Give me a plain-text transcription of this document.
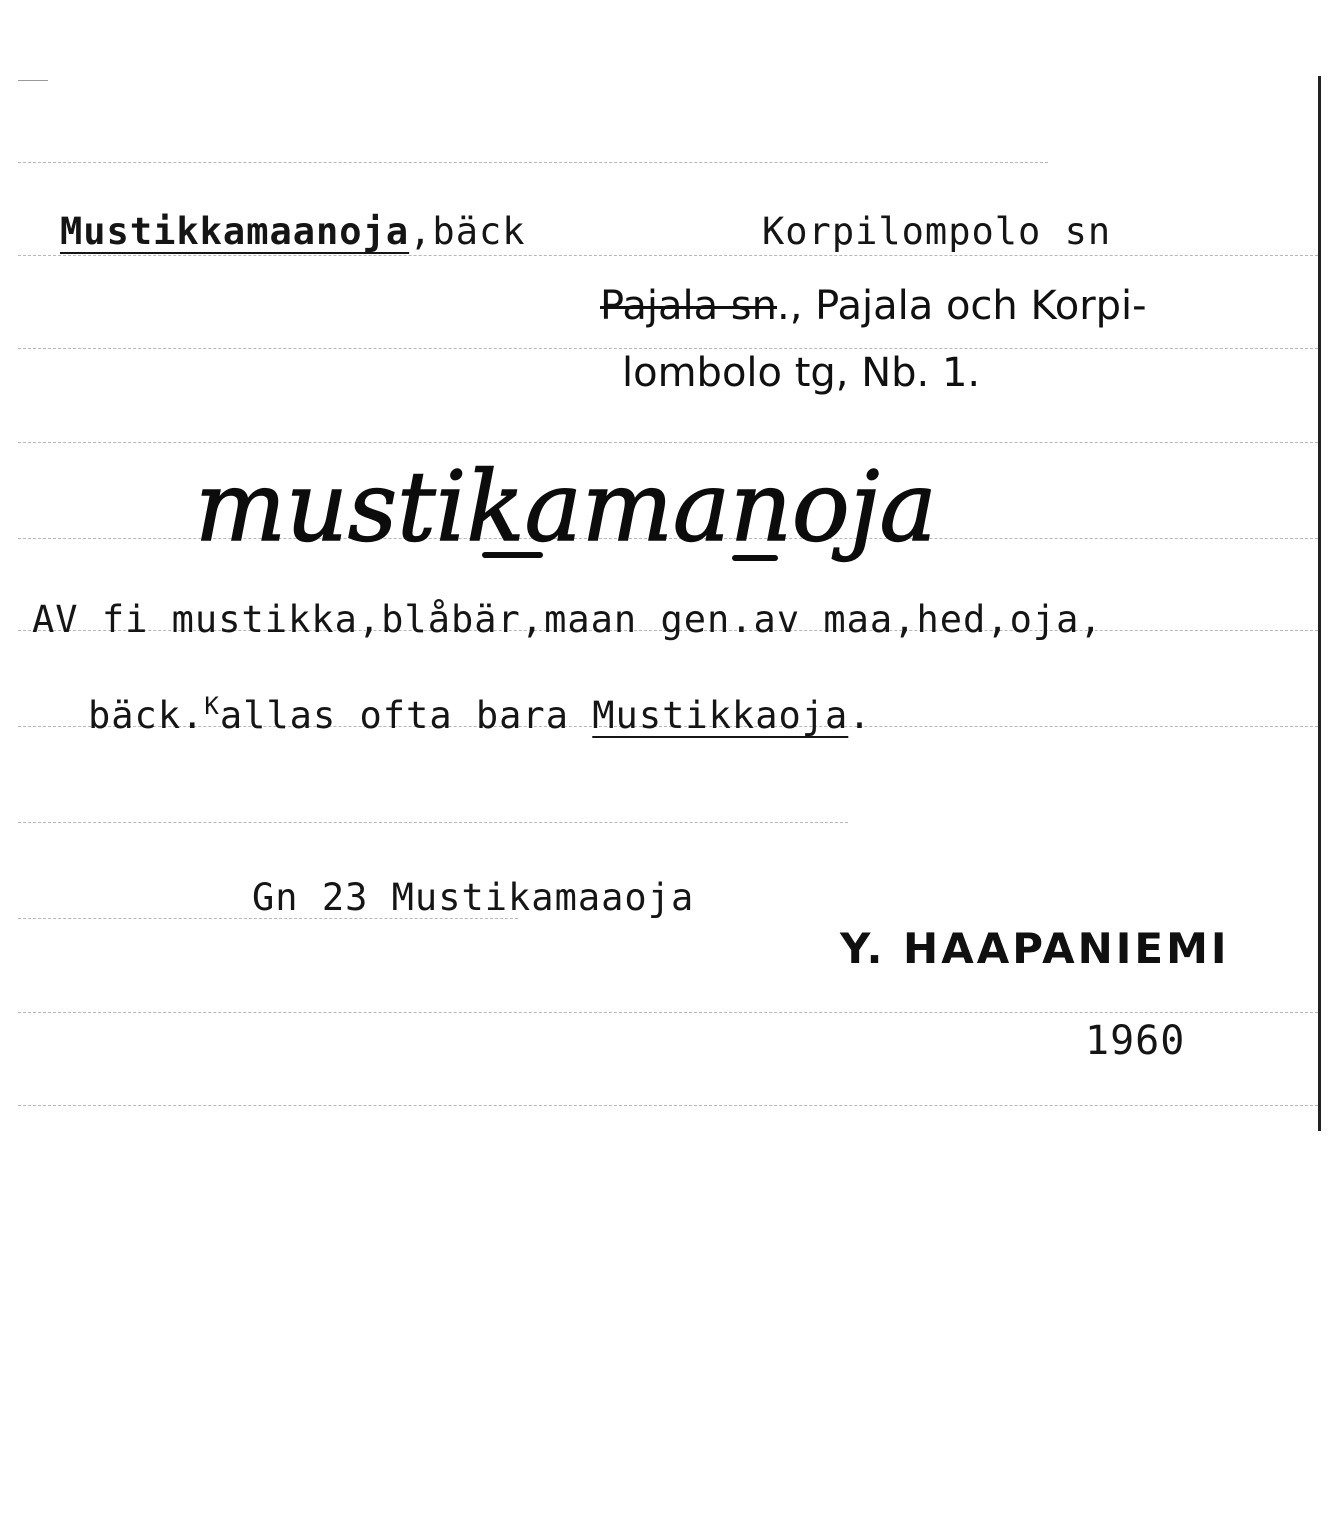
Mustikkamaanoja,bäck	Korpilompolo sn
Pajala sn., Pajala och Korpi-
lombolo tg, Nb. 1.
mustikamanoja
AV fi mustikka,blåbär,maan gen.av maa,hed,oja,
bäck.$^K$allas ofta bara Mustikkaoja.
Gn 23 Mustikamaaoja
Y. HAAPANIEMI
1960
